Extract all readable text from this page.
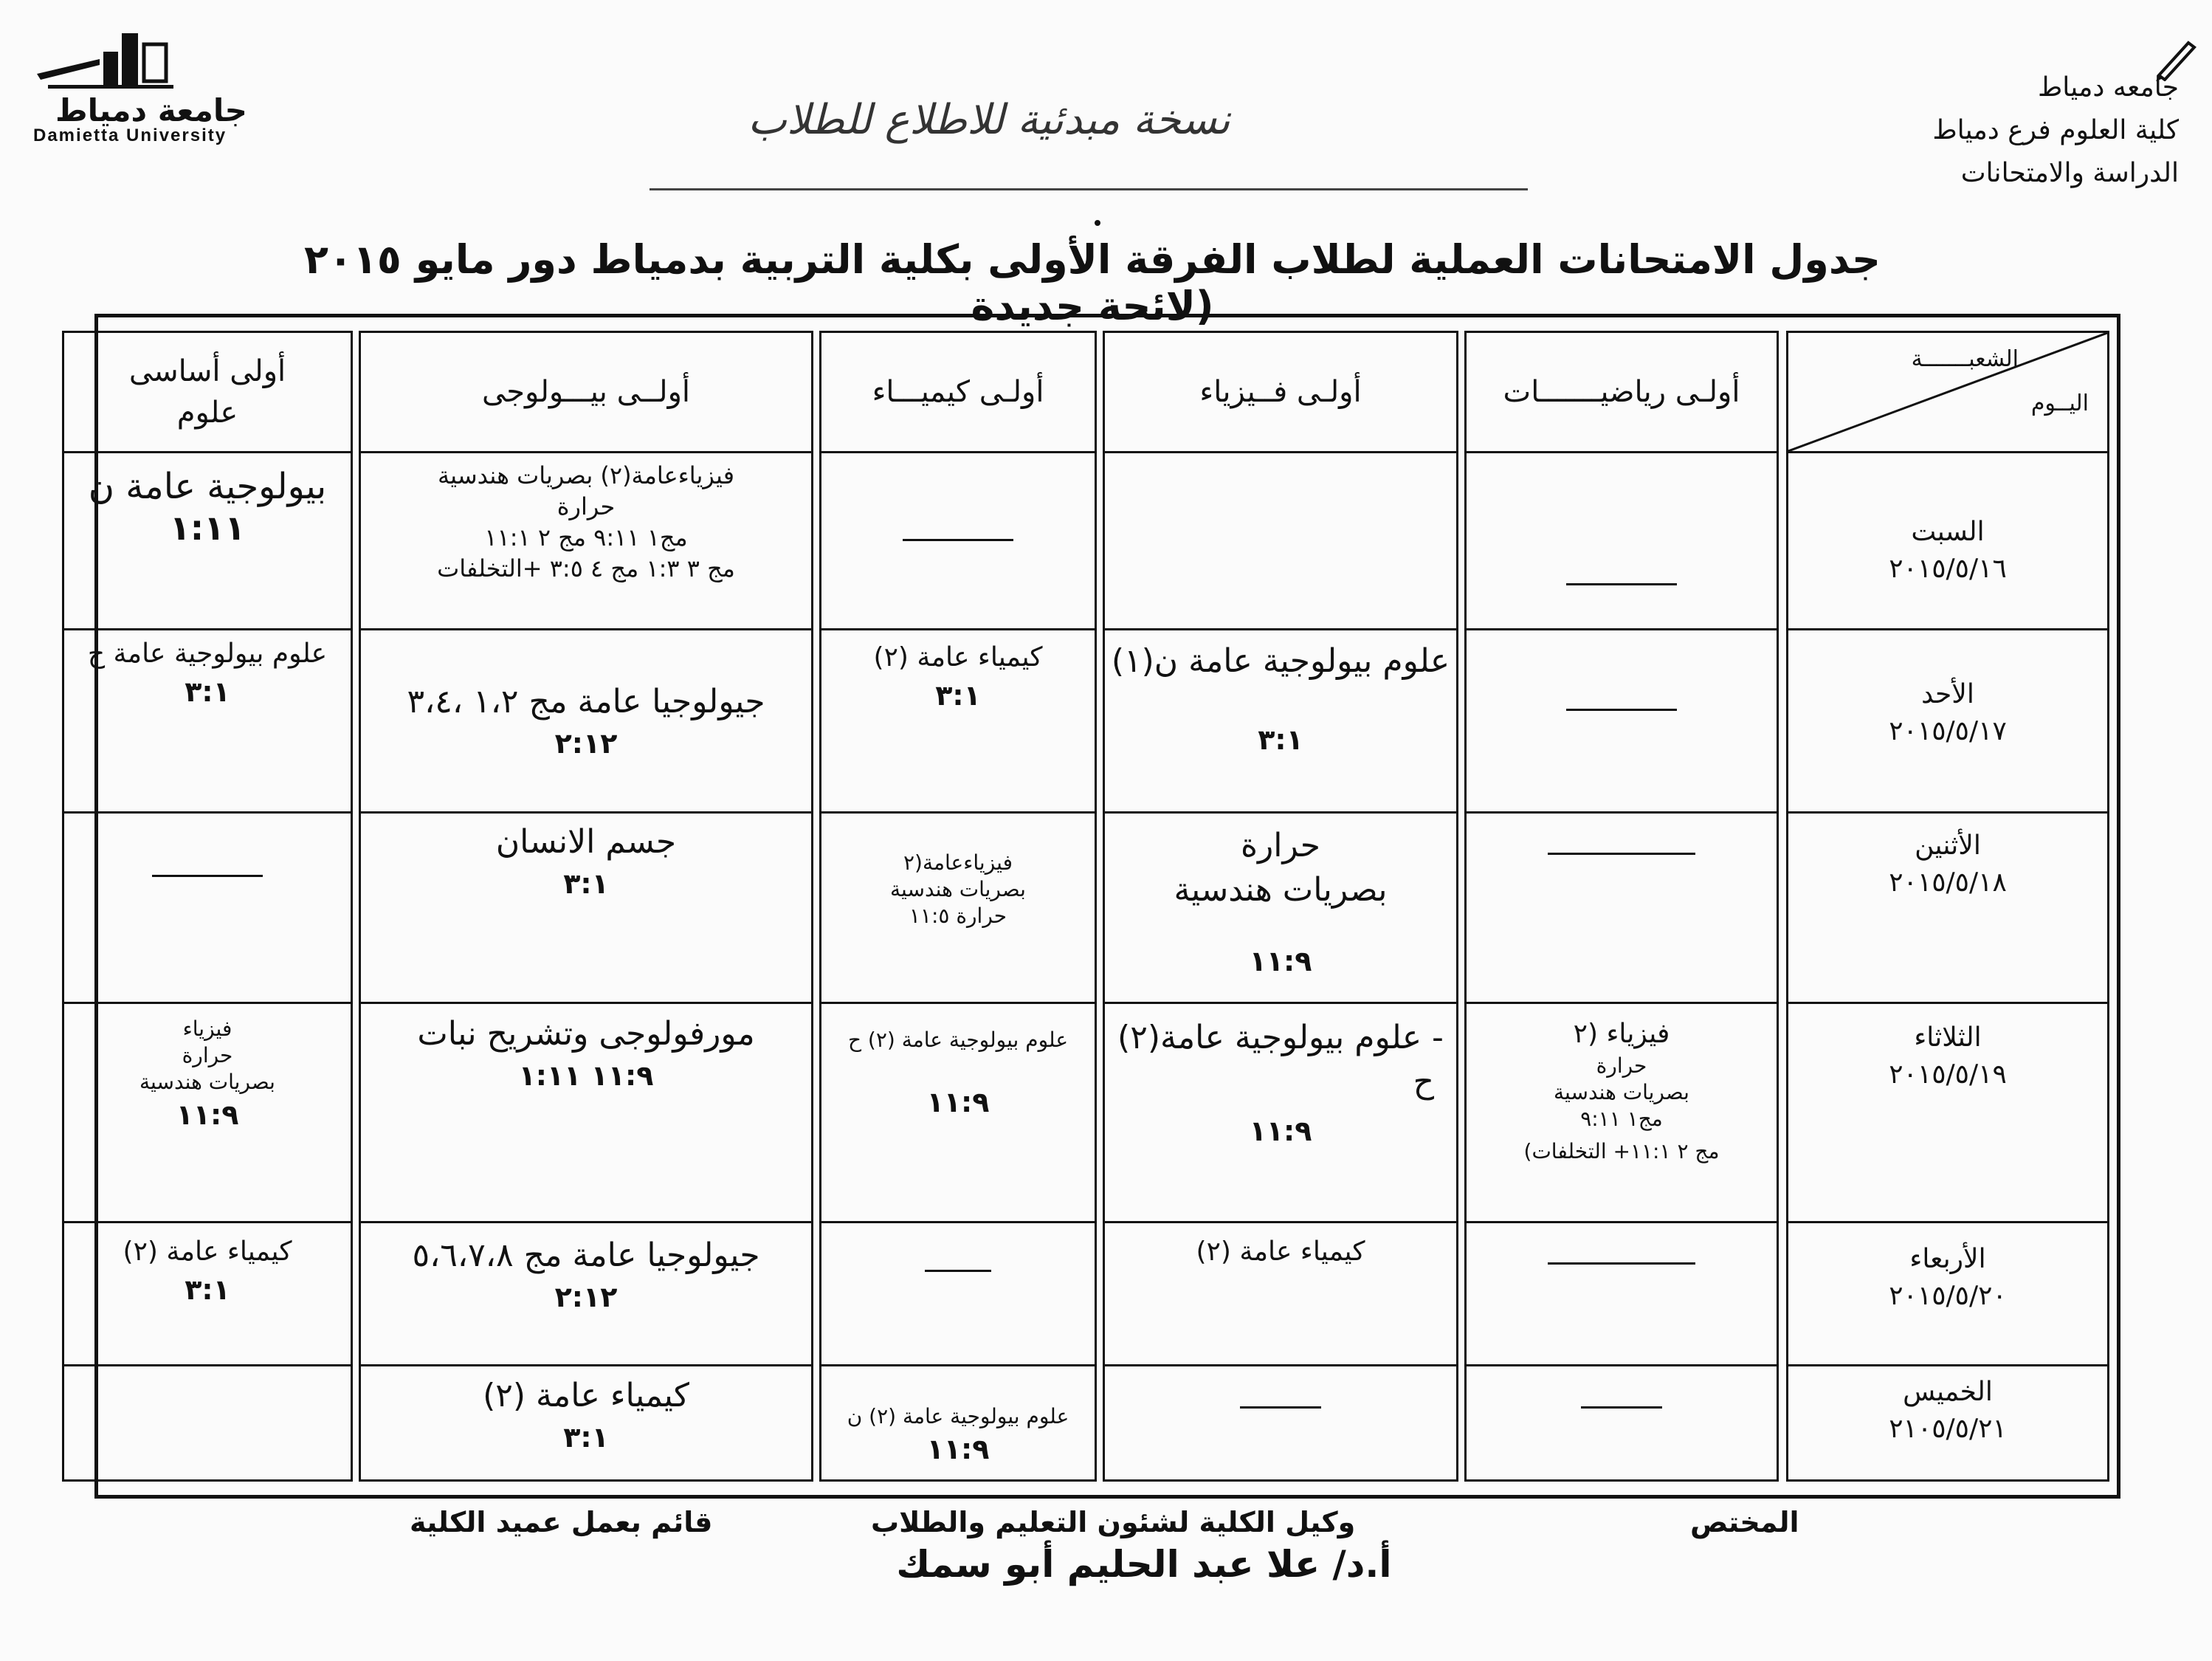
جامعة دمياط
Damietta University
جامعه دمياط
كلية العلوم فرع دمياط
الدراسة والامتحانات
نسخة مبدئية للاطلاع للطلاب
جدول الامتحانات العملية لطلاب الفرقة الأولى بكلية التربية بدمياط دور مايو ٢٠١٥ (لائحة جديدة
الشعبـــــــة
اليــوم
السبت
٢٠١٥/٥/١٦
الأحد
٢٠١٥/٥/١٧
الأثنين
٢٠١٥/٥/١٨
الثلاثاء
٢٠١٥/٥/١٩
الأربعاء
٢٠١٥/٥/٢٠
الخميس
٢١٠٥/٥/٢١
أولـى رياضيـــــــات
فيزياء (٢
حرارة
بصريات هندسية
مج١ ٩:١١
مج ٢ ١١:١+ التخلفات)
أولـى فــيزياء
علوم بيولوجية عامة ن(١)
٣:١
حرارة
بصريات هندسية
١١:٩
- علوم بيولوجية عامة(٢)
ح
١١:٩
كيمياء عامة (٢)
أولـى كيميـــاء
كيمياء عامة (٢)
٣:١
فيزياءعامة(٢
بصريات هندسية
حرارة ١١:٥
علوم بيولوجية عامة (٢) ح
١١:٩
علوم بيولوجية عامة (٢) ن
١١:٩
أولــى بيـــولوجى
فيزياءعامة(٢) بصريات هندسية
حرارة
مج١ ٩:١١ مج ٢ ١١:١
مج ٣ ١:٣ مج ٤ ٣:٥ +التخلفات
جيولوجيا عامة مج ١،٢ ،٣،٤
٢:١٢
جسم الانسان
٣:١
مورفولوجى وتشريح نبات
١١:٩ ١:١١
جيولوجيا عامة مج ٥،٦،٧،٨
٢:١٢
كيمياء عامة (٢)
٣:١
أولى أساسى
علوم
بيولوجية عامة ن
١:١١
علوم بيولوجية عامة ح
٣:١
فيزياء
حرارة
بصريات هندسية
١١:٩
كيمياء عامة (٢)
٣:١
قائم بعمل عميد الكلية	وكيل الكلية لشئون التعليم والطلاب	المختص
أ.د/ علا عبد الحليم أبو سمك
